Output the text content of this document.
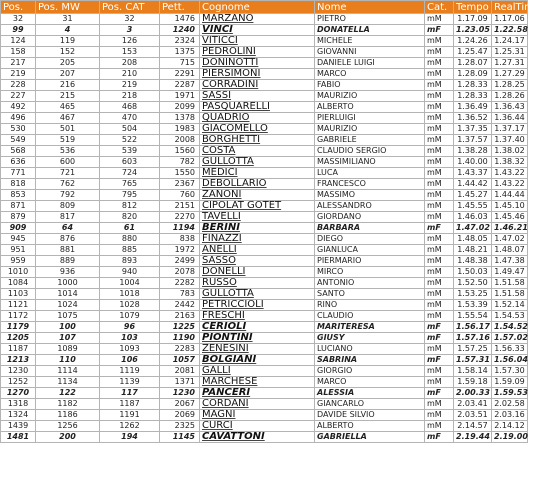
Pos.	Pos. MW	Pos. CAT	Pett.	Cognome	Nome	Cat.	Tempo	RealTime
32	31	32	1476	MARZANO	PIETRO	mM	1.17.09	1.17.06
99	4	3	1240	VINCI	DONATELLA	mF	1.23.05	1.22.58
124	119	126	2324	VITICCI	MICHELE	mM	1.24.26	1.24.17
158	152	153	1375	PEDROLINI	GIOVANNI	mM	1.25.47	1.25.31
217	205	208	715	DONINOTTI	DANIELE LUIGI	mM	1.28.07	1.27.31
219	207	210	2291	PIERSIMONI	MARCO	mM	1.28.09	1.27.29
228	216	219	2287	CORRADINI	FABIO	mM	1.28.33	1.28.25
227	215	218	1971	SASSI	MAURIZIO	mM	1.28.33	1.28.26
492	465	468	2099	PASQUARELLI	ALBERTO	mM	1.36.49	1.36.43
496	467	470	1378	QUADRIO	PIERLUIGI	mM	1.36.52	1.36.44
530	501	504	1983	GIACOMELLO	MAURIZIO	mM	1.37.35	1.37.17
549	519	522	2008	BORGHETTI	GABRIELE	mM	1.37.57	1.37.40
568	536	539	1560	COSTA	CLAUDIO SERGIO	mM	1.38.28	1.38.02
636	600	603	782	GULLOTTA	MASSIMILIANO	mM	1.40.00	1.38.32
771	721	724	1550	MEDICI	LUCA	mM	1.43.37	1.43.22
818	762	765	2367	DEBOLLARIO	FRANCESCO	mM	1.44.42	1.43.22
853	792	795	760	ZANONI	MASSIMO	mM	1.45.27	1.44.44
871	809	812	2151	CIPOLAT GOTET	ALESSANDRO	mM	1.45.55	1.45.10
879	817	820	2270	TAVELLI	GIORDANO	mM	1.46.03	1.45.46
909	64	61	1194	BERINI	BARBARA	mF	1.47.02	1.46.21
945	876	880	838	FINAZZI	DIEGO	mM	1.48.05	1.47.02
951	881	885	1972	ANELLI	GIANLUCA	mM	1.48.21	1.48.07
959	889	893	2499	SASSO	PIERMARIO	mM	1.48.38	1.47.38
1010	936	940	2078	DONELLI	MIRCO	mM	1.50.03	1.49.47
1084	1000	1004	2282	RUSSO	ANTONIO	mM	1.52.50	1.51.58
1103	1014	1018	783	GULLOTTA	SANTO	mM	1.53.25	1.51.58
1121	1024	1028	2442	PETRICCIOLI	RINO	mM	1.53.39	1.52.14
1172	1075	1079	2163	FRESCHI	CLAUDIO	mM	1.55.54	1.54.53
1179	100	96	1225	CERIOLI	MARITERESA	mF	1.56.17	1.54.52
1205	107	103	1190	PIONTINI	GIUSY	mF	1.57.16	1.57.02
1187	1089	1093	2283	ZENESINI	LUCIANO	mM	1.57.25	1.56.33
1213	110	106	1057	BOLGIANI	SABRINA	mF	1.57.31	1.56.04
1230	1114	1119	2081	GALLI	GIORGIO	mM	1.58.14	1.57.30
1252	1134	1139	1371	MARCHESE	MARCO	mM	1.59.18	1.59.09
1270	122	117	1230	PANCERI	ALESSIA	mF	2.00.33	1.59.53
1318	1182	1187	2067	CORDANI	GIANCARLO	mM	2.03.41	2.02.58
1324	1186	1191	2069	MAGNI	DAVIDE SILVIO	mM	2.03.51	2.03.16
1439	1256	1262	2325	CURCI	ALBERTO	mM	2.14.57	2.14.12
1481	200	194	1145	CAVATTONI	GABRIELLA	mF	2.19.44	2.19.00
